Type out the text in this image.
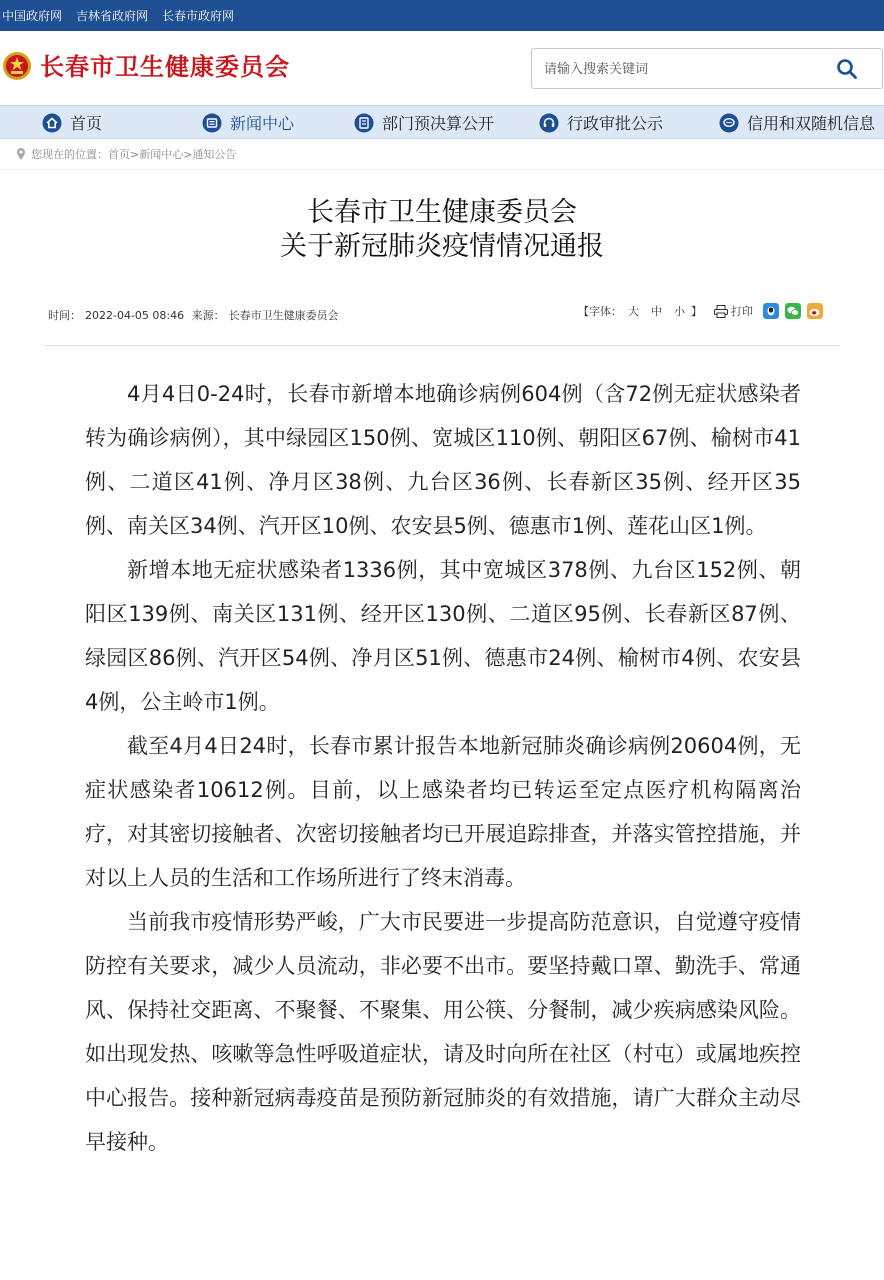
中国政府网 吉林省政府网 长春市政府网
长春市卫生健康委员会
请输入搜索关键词
首页	新闻中心	部门预决算公开	行政审批公示	信用和双随机信息
您现在的位置：首页>新闻中心>通知公告
长春市卫生健康委员会
关于新冠肺炎疫情情况通报
时间： 2022-04-05 08:46 来源： 长春市卫生健康委员会	【字体： 大 中 小 】	打印

4月4日0-24时，长春市新增本地确诊病例604例（含72例无症状感染者转为确诊病例），其中绿园区150例、宽城区110例、朝阳区67例、榆树市41例、二道区41例、净月区38例、九台区36例、长春新区35例、经开区35例、南关区34例、汽开区10例、农安县5例、德惠市1例、莲花山区1例。

新增本地无症状感染者1336例，其中宽城区378例、九台区152例、朝阳区139例、南关区131例、经开区130例、二道区95例、长春新区87例、绿园区86例、汽开区54例、净月区51例、德惠市24例、榆树市4例、农安县4例，公主岭市1例。

截至4月4日24时，长春市累计报告本地新冠肺炎确诊病例20604例，无症状感染者10612例。目前，以上感染者均已转运至定点医疗机构隔离治疗，对其密切接触者、次密切接触者均已开展追踪排查，并落实管控措施，并对以上人员的生活和工作场所进行了终末消毒。

当前我市疫情形势严峻，广大市民要进一步提高防范意识，自觉遵守疫情防控有关要求，减少人员流动，非必要不出市。要坚持戴口罩、勤洗手、常通风、保持社交距离、不聚餐、不聚集、用公筷、分餐制，减少疾病感染风险。如出现发热、咳嗽等急性呼吸道症状，请及时向所在社区（村屯）或属地疾控中心报告。接种新冠病毒疫苗是预防新冠肺炎的有效措施，请广大群众主动尽早接种。
